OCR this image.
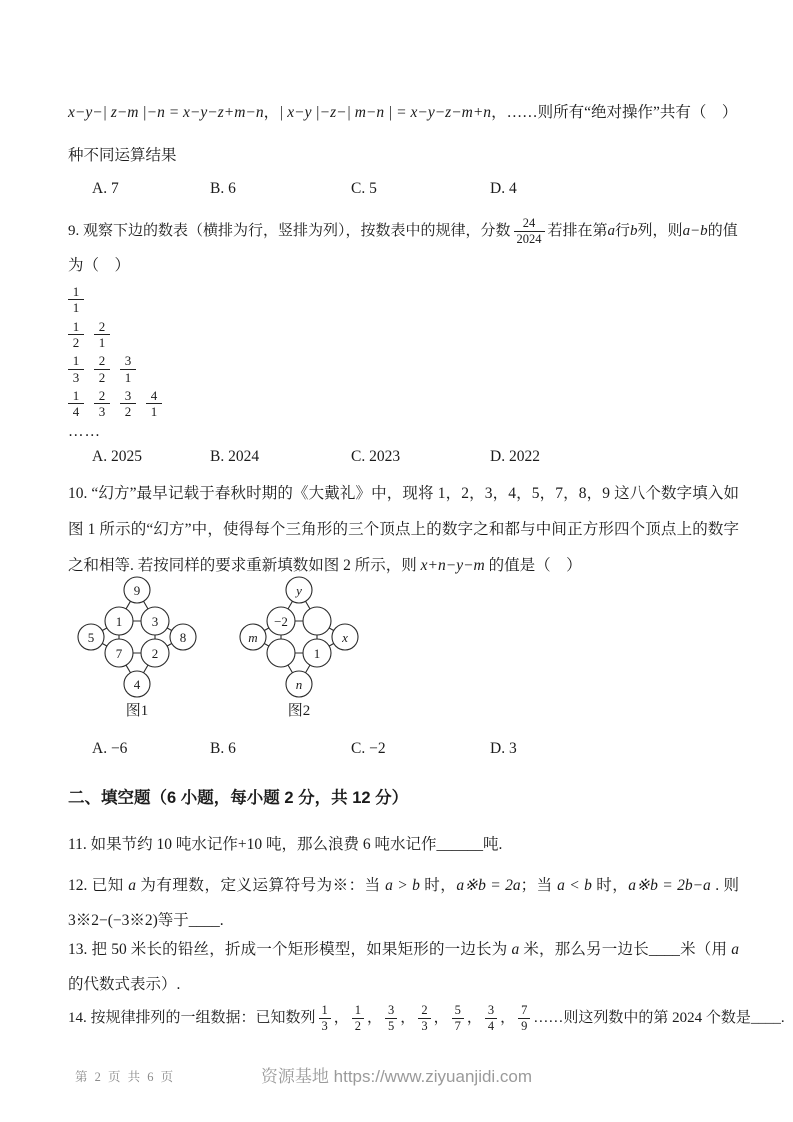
x−y−| z−m |−n = x−y−z+m−n，| x−y |−z−| m−n | = x−y−z−m+n，……则所有“绝对操作”共有（　）

种不同运算结果

A. 7	B. 6	C. 5	D. 4

9. 观察下边的数表（横排为行，竖排为列），按数表中的规律，分数 $\frac{24}{2024}$ 若排在第a行b列，则a−b的值

为（　）

$\frac{1}{1}$
$\frac{1}{2} \frac{2}{1}$
$\frac{1}{3} \frac{2}{2} \frac{3}{1}$
$\frac{1}{4} \frac{2}{3} \frac{3}{2} \frac{4}{1}$
……
A. 2025	B. 2024	C. 2023	D. 2022

10. “幻方”最早记载于春秋时期的《大戴礼》中，现将 1，2，3，4，5，7，8，9 这八个数字填入如图 1 所示的“幻方”中，使得每个三角形的三个顶点上的数字之和都与中间正方形四个顶点上的数字之和相等. 若按同样的要求重新填数如图 2 所示，则 x+n−y−m 的值是（　）

9
1 3
5	8
7 2
4
图1
y
−2
m	x
1
n
图2
A. −6	B. 6	C. −2	D. 3
二、填空题（6 小题，每小题 2 分，共 12 分）

11. 如果节约 10 吨水记作+10 吨，那么浪费 6 吨水记作______吨.

12. 已知 a 为有理数，定义运算符号为※：当 a > b 时，a※b = 2a；当 a < b 时，a※b = 2b−a . 则 3※2−(−3※2)等于____.

13. 把 50 米长的铅丝，折成一个矩形模型，如果矩形的一边长为 a 米，那么另一边长____米（用 a 的代数式表示）.

14. 按规律排列的一组数据：已知数列 $\frac{1}{3}$ ， $\frac{1}{2}$ ， $\frac{3}{5}$ ， $\frac{2}{3}$ ， $\frac{5}{7}$ ， $\frac{3}{4}$ ， $\frac{7}{9}$ ……则这列数中的第 2024 个数是____.

第 2 页 共 6 页	资源基地 https://www.ziyuanjidi.com
